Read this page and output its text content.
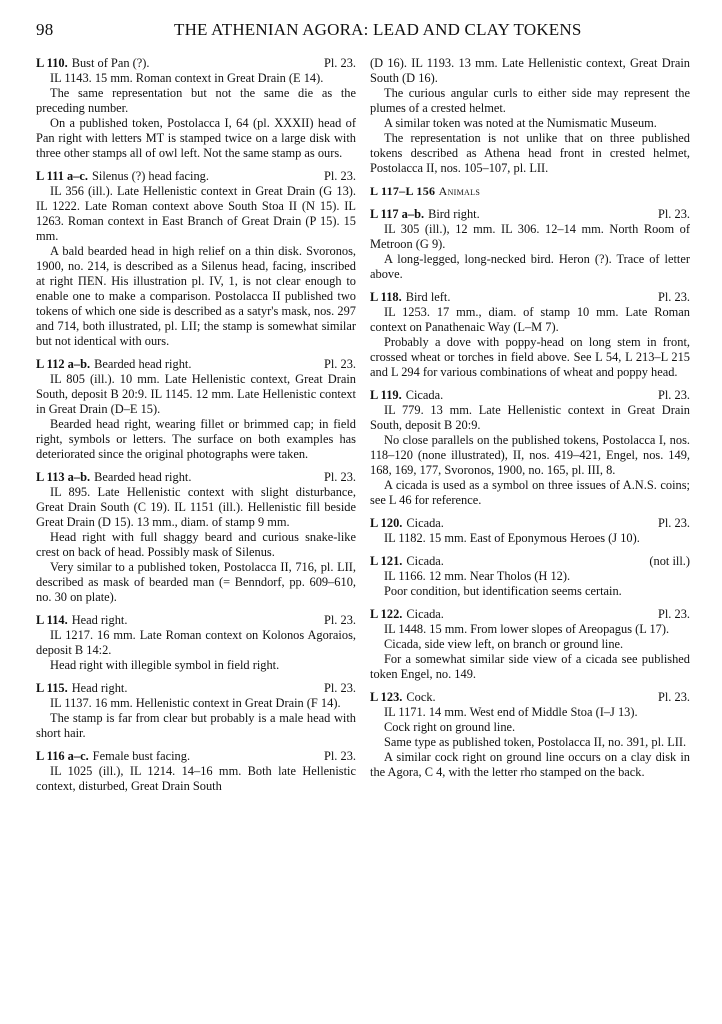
98	THE ATHENIAN AGORA: LEAD AND CLAY TOKENS
L 110. Bust of Pan (?).	Pl. 23.

IL 1143. 15 mm. Roman context in Great Drain (E 14).

The same representation but not the same die as the preceding number.

On a published token, Postolacca I, 64 (pl. XXXII) head of Pan right with letters MT is stamped twice on a large disk with three other stamps all of owl left. Not the same stamp as ours.

L 111 a–c. Silenus (?) head facing.	Pl. 23.

IL 356 (ill.). Late Hellenistic context in Great Drain (G 13). IL 1222. Late Roman context above South Stoa II (N 15). IL 1263. Roman context in East Branch of Great Drain (P 15). 15 mm.

A bald bearded head in high relief on a thin disk. Svoronos, 1900, no. 214, is described as a Silenus head, facing, inscribed at right ΠΕΝ. His illustration pl. IV, 1, is not clear enough to enable one to make a comparison. Postolacca II published two tokens of which one side is described as a satyr's mask, nos. 297 and 714, both illustrated, pl. LII; the stamp is somewhat similar but not identical with ours.

L 112 a–b. Bearded head right.	Pl. 23.

IL 805 (ill.). 10 mm. Late Hellenistic context, Great Drain South, deposit B 20:9. IL 1145. 12 mm. Late Hellenistic context in Great Drain (D–E 15).

Bearded head right, wearing fillet or brimmed cap; in field right, symbols or letters. The surface on both examples has deteriorated since the original photographs were taken.

L 113 a–b. Bearded head right.	Pl. 23.

IL 895. Late Hellenistic context with slight disturbance, Great Drain South (C 19). IL 1151 (ill.). Hellenistic fill beside Great Drain (D 15). 13 mm., diam. of stamp 9 mm.

Head right with full shaggy beard and curious snake-like crest on back of head. Possibly mask of Silenus.

Very similar to a published token, Postolacca II, 716, pl. LII, described as mask of bearded man (= Benndorf, pp. 609–610, no. 30 on plate).

L 114. Head right.	Pl. 23.

IL 1217. 16 mm. Late Roman context on Kolonos Agoraios, deposit B 14:2.

Head right with illegible symbol in field right.

L 115. Head right.	Pl. 23.

IL 1137. 16 mm. Hellenistic context in Great Drain (F 14).

The stamp is far from clear but probably is a male head with short hair.

L 116 a–c. Female bust facing.	Pl. 23.

IL 1025 (ill.), IL 1214. 14–16 mm. Both late Hellenistic context, disturbed, Great Drain South

(D 16). IL 1193. 13 mm. Late Hellenistic context, Great Drain South (D 16).

The curious angular curls to either side may represent the plumes of a crested helmet.

A similar token was noted at the Numismatic Museum.

The representation is not unlike that on three published tokens described as Athena head front in crested helmet, Postolacca II, nos. 105–107, pl. LII.

L 117–L 156 Animals
L 117 a–b. Bird right.	Pl. 23.

IL 305 (ill.), 12 mm. IL 306. 12–14 mm. North Room of Metroon (G 9).

A long-legged, long-necked bird. Heron (?). Trace of letter above.

L 118. Bird left.	Pl. 23.

IL 1253. 17 mm., diam. of stamp 10 mm. Late Roman context on Panathenaic Way (L–M 7).

Probably a dove with poppy-head on long stem in front, crossed wheat or torches in field above. See L 54, L 213–L 215 and L 294 for various combinations of wheat and poppy head.

L 119. Cicada.	Pl. 23.

IL 779. 13 mm. Late Hellenistic context in Great Drain South, deposit B 20:9.

No close parallels on the published tokens, Postolacca I, nos. 118–120 (none illustrated), II, nos. 419–421, Engel, nos. 149, 168, 169, 177, Svoronos, 1900, no. 165, pl. III, 8.

A cicada is used as a symbol on three issues of A.N.S. coins; see L 46 for reference.

L 120. Cicada.	Pl. 23.

IL 1182. 15 mm. East of Eponymous Heroes (J 10).

L 121. Cicada.	(not ill.)

IL 1166. 12 mm. Near Tholos (H 12).

Poor condition, but identification seems certain.

L 122. Cicada.	Pl. 23.

IL 1448. 15 mm. From lower slopes of Areopagus (L 17).

Cicada, side view left, on branch or ground line.

For a somewhat similar side view of a cicada see published token Engel, no. 149.

L 123. Cock.	Pl. 23.

IL 1171. 14 mm. West end of Middle Stoa (I–J 13).

Cock right on ground line.

Same type as published token, Postolacca II, no. 391, pl. LII.

A similar cock right on ground line occurs on a clay disk in the Agora, C 4, with the letter rho stamped on the back.
